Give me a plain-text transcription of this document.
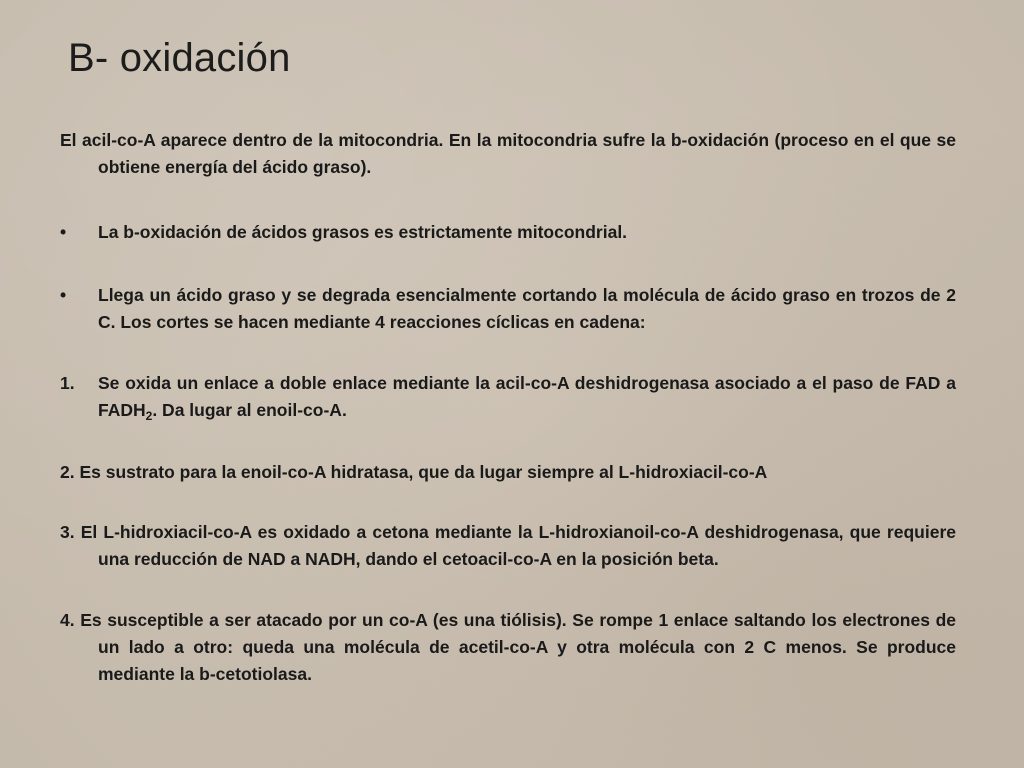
B- oxidación

El acil-co-A aparece dentro de la mitocondria. En la mitocondria sufre la b-oxidación (proceso en el que se obtiene energía del ácido graso).

•	La b-oxidación de ácidos grasos es estrictamente mitocondrial.

•	Llega un ácido graso y se degrada esencialmente cortando la molécula de ácido graso en trozos de 2 C. Los cortes se hacen mediante 4 reacciones cíclicas en cadena:

1.	Se oxida un enlace a doble enlace mediante la acil-co-A deshidrogenasa asociado a el paso de FAD a $FADH_2$. Da lugar al enoil-co-A.

2. Es sustrato para la enoil-co-A hidratasa, que da lugar siempre al L-hidroxiacil-co-A

3. El L-hidroxiacil-co-A es oxidado a cetona mediante la L-hidroxianoil-co-A deshidrogenasa, que requiere una reducción de NAD a NADH, dando el cetoacil-co-A en la posición beta.

4. Es susceptible a ser atacado por un co-A (es una tiólisis). Se rompe 1 enlace saltando los electrones de un lado a otro: queda una molécula de acetil-co-A y otra molécula con 2 C menos. Se produce mediante la b-cetotiolasa.
